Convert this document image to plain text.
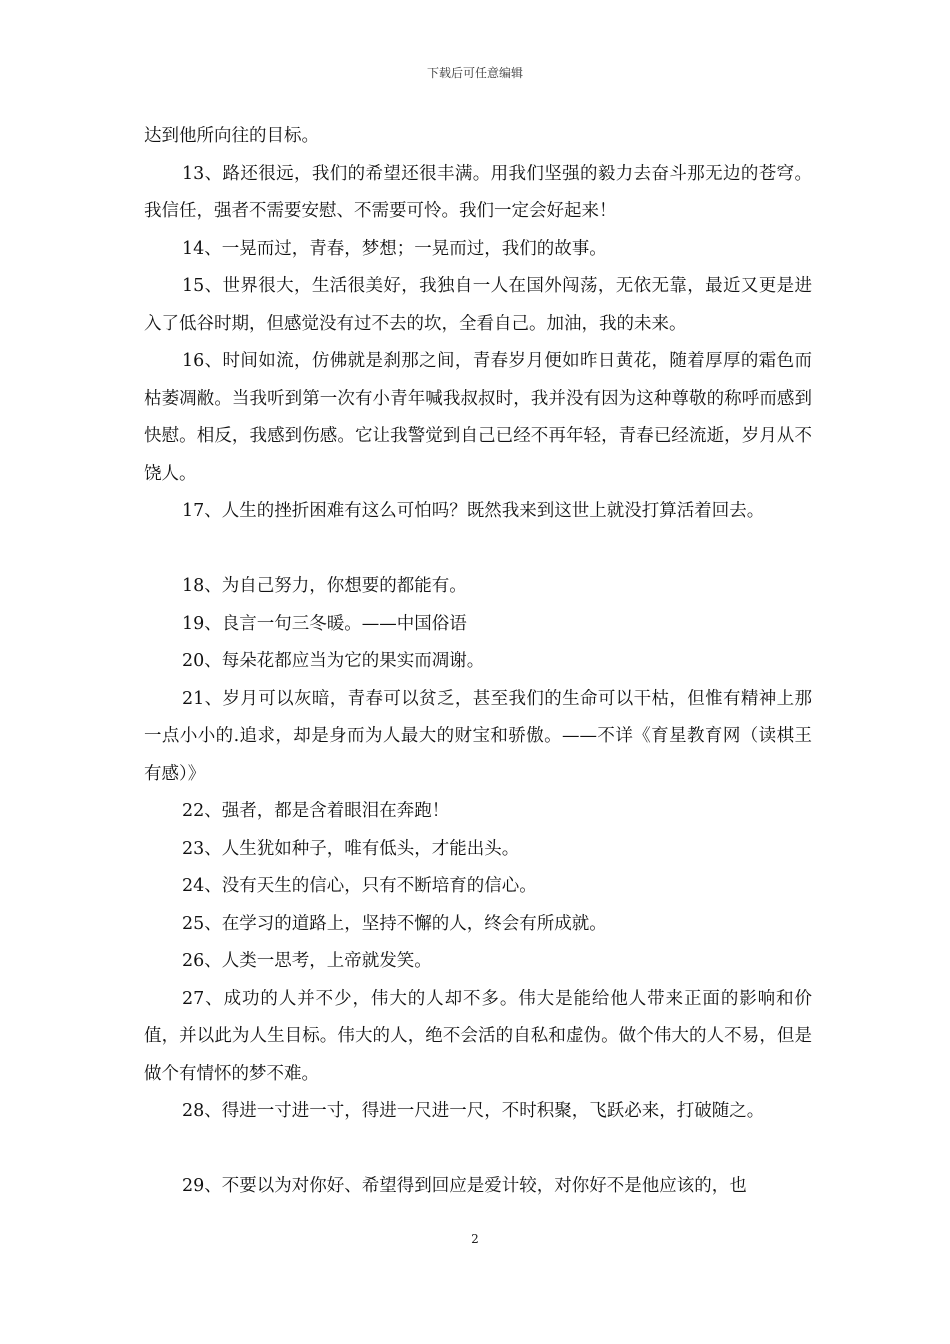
下载后可任意编辑

达到他所向往的目标。

13、路还很远，我们的希望还很丰满。用我们坚强的毅力去奋斗那无边的苍穹。我信任，强者不需要安慰、不需要可怜。我们一定会好起来！

14、一晃而过，青春，梦想；一晃而过，我们的故事。

15、世界很大，生活很美好，我独自一人在国外闯荡，无依无靠，最近又更是进入了低谷时期，但感觉没有过不去的坎，全看自己。加油，我的未来。

16、时间如流，仿佛就是刹那之间，青春岁月便如昨日黄花，随着厚厚的霜色而枯萎凋敝。当我听到第一次有小青年喊我叔叔时，我并没有因为这种尊敬的称呼而感到快慰。相反，我感到伤感。它让我警觉到自己已经不再年轻，青春已经流逝，岁月从不饶人。

17、人生的挫折困难有这么可怕吗？既然我来到这世上就没打算活着回去。

18、为自己努力，你想要的都能有。

19、良言一句三冬暖。——中国俗语

20、每朵花都应当为它的果实而凋谢。

21、岁月可以灰暗，青春可以贫乏，甚至我们的生命可以干枯，但惟有精神上那一点小小的.追求，却是身而为人最大的财宝和骄傲。——不详《育星教育网（读棋王有感）》

22、强者，都是含着眼泪在奔跑！

23、人生犹如种子，唯有低头，才能出头。

24、没有天生的信心，只有不断培育的信心。

25、在学习的道路上，坚持不懈的人，终会有所成就。

26、人类一思考，上帝就发笑。

27、成功的人并不少，伟大的人却不多。伟大是能给他人带来正面的影响和价值，并以此为人生目标。伟大的人，绝不会活的自私和虚伪。做个伟大的人不易，但是做个有情怀的梦不难。

28、得进一寸进一寸，得进一尺进一尺，不时积聚，飞跃必来，打破随之。

29、不要以为对你好、希望得到回应是爱计较，对你好不是他应该的，也

2
